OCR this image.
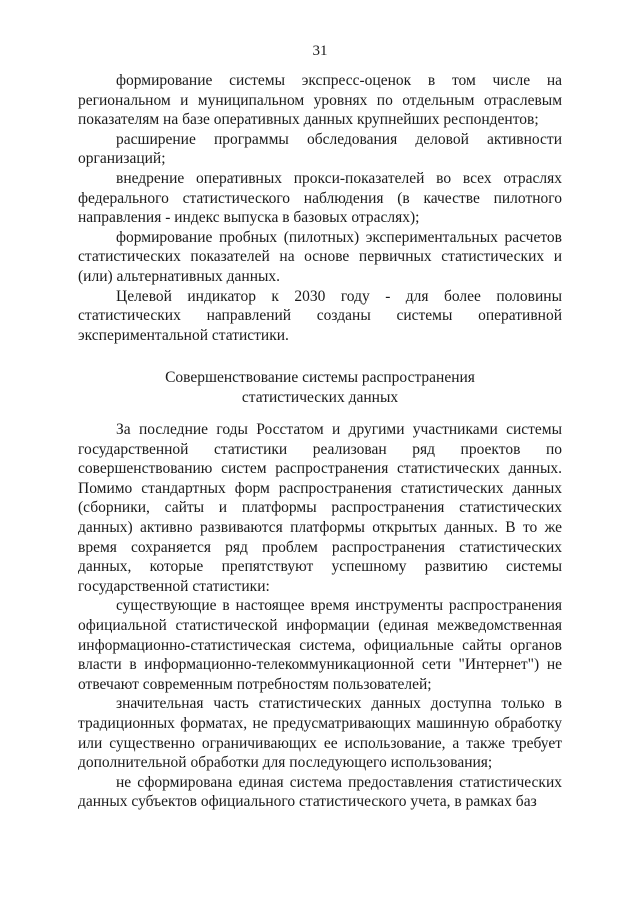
31

формирование системы экспресс-оценок в том числе на региональном и муниципальном уровнях по отдельным отраслевым показателям на базе оперативных данных крупнейших респондентов;

расширение программы обследования деловой активности организаций;

внедрение оперативных прокси-показателей во всех отраслях федерального статистического наблюдения (в качестве пилотного направления - индекс выпуска в базовых отраслях);

формирование пробных (пилотных) экспериментальных расчетов статистических показателей на основе первичных статистических и (или) альтернативных данных.

Целевой индикатор к 2030 году - для более половины статистических направлений созданы системы оперативной экспериментальной статистики.

Совершенствование системы распространения
статистических данных

За последние годы Росстатом и другими участниками системы государственной статистики реализован ряд проектов по совершенствованию систем распространения статистических данных. Помимо стандартных форм распространения статистических данных (сборники, сайты и платформы распространения статистических данных) активно развиваются платформы открытых данных. В то же время сохраняется ряд проблем распространения статистических данных, которые препятствуют успешному развитию системы государственной статистики:

существующие в настоящее время инструменты распространения официальной статистической информации (единая межведомственная информационно-статистическая система, официальные сайты органов власти в информационно-телекоммуникационной сети "Интернет") не отвечают современным потребностям пользователей;

значительная часть статистических данных доступна только в традиционных форматах, не предусматривающих машинную обработку или существенно ограничивающих ее использование, а также требует дополнительной обработки для последующего использования;

не сформирована единая система предоставления статистических данных субъектов официального статистического учета, в рамках баз
